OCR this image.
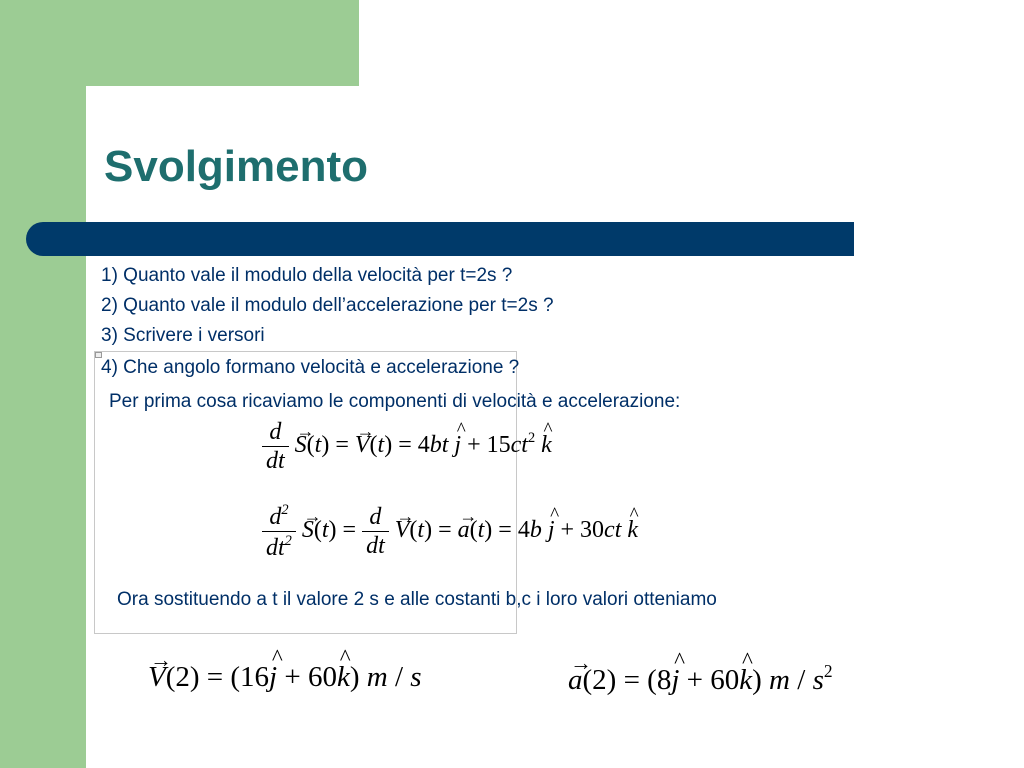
Svolgimento

1) Quanto vale il modulo della velocità per t=2s ?

2) Quanto vale il modulo dell’accelerazione per t=2s ?

3) Scrivere i versori

4) Che angolo formano velocità e accelerazione ?

Per prima cosa ricaviamo le componenti di velocità e accelerazione:

Ora sostituendo a t il valore 2 s e alle costanti b,c i loro valori otteniamo

$\frac{d}{dt}$
→ S(t) = → V(t) = 4bt ^ $j + 15ct^2$ ^ k
$\frac{d^2}{dt^2}$
→ $S(t) = \frac{d}{dt}$
→ V(t) = → a(t) = 4b ^ j + 30ct ^ k
→ V(2) = (16^ j + 60^ k) m / s
→	a(2) = (8^ j + 60^ k) m / $s^2$
